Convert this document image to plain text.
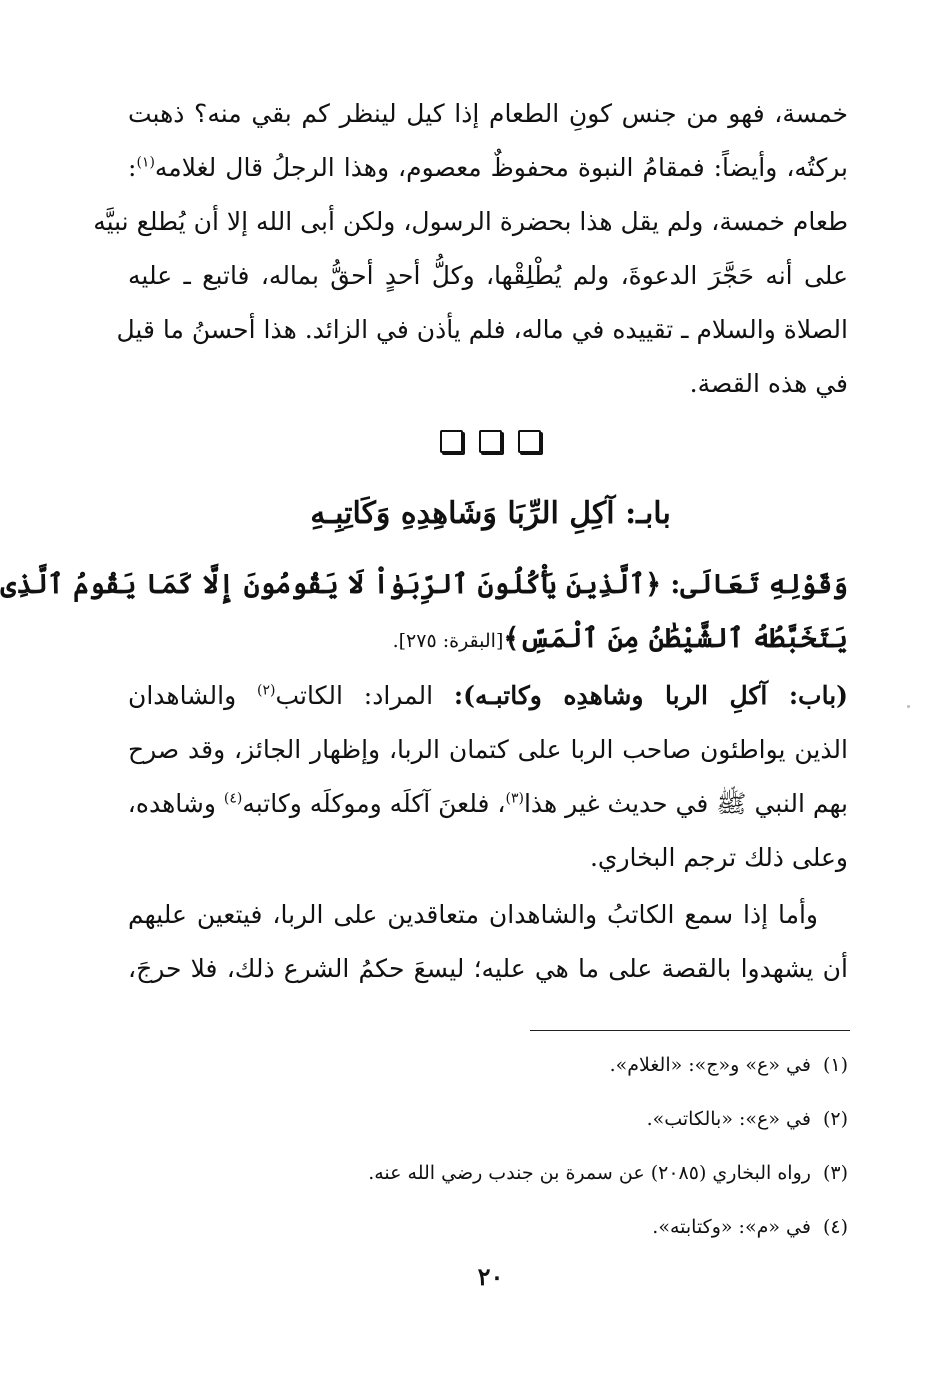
خمسة، فهو من جنس كونِ الطعام إذا كيل لينظر كم بقي منه؟ ذهبت
بركتُه، وأيضاً: فمقامُ النبوة محفوظٌ معصوم، وهذا الرجلُ قال لغلامه$^{(١)}$:
طعام خمسة، ولم يقل هذا بحضرة الرسول، ولكن أبى الله إلا أن يُطلع نبيَّه
على أنه حَجَّرَ الدعوةَ، ولم يُطْلِقْها، وكلُّ أحدٍ أحقُّ بماله، فاتبع ـ عليه
الصلاة والسلام ـ تقييده في ماله، فلم يأذن في الزائد. هذا أحسنُ ما قيل
في هذه القصة.
بابـ: آكِلِ الرِّبَا وَشَاهِدِهِ وَكَاتِبِـهِ
وَقَوْلِهِ تَعَالَى: ﴿ٱلَّذِينَ يَأْكُلُونَ ٱلرِّبَوٰاْ لَا يَقُومُونَ إِلَّا كَمَا يَقُومُ ٱلَّذِى
يَتَخَبَّطُهُ ٱلشَّيْطَٰنُ مِنَ ٱلْمَسِّ﴾[البقرة: ٢٧٥].
(باب: آكلِ الربا وشاهدِه وكاتبـه): المراد: الكاتب$^{(٢)}$ والشاهدان
الذين يواطئون صاحب الربا على كتمان الربا، وإظهار الجائز، وقد صرح
بهم النبي ﷺ في حديث غير هذا$^{(٣)}$، فلعنَ آكلَه وموكلَه وكاتبه$^{(٤)}$ وشاهده،
وعلى ذلك ترجم البخاري.
وأما إذا سمع الكاتبُ والشاهدان متعاقدين على الربا، فيتعين عليهم
أن يشهدوا بالقصة على ما هي عليه؛ ليسعَ حكمُ الشرع ذلك، فلا حرجَ،
(١)في «ع» و«ج»: «الغلام».
(٢)في «ع»: «بالكاتب».
(٣)رواه البخاري (٢٠٨٥) عن سمرة بن جندب رضي الله عنه.
(٤)في «م»: «وكتابته».
٢٠
